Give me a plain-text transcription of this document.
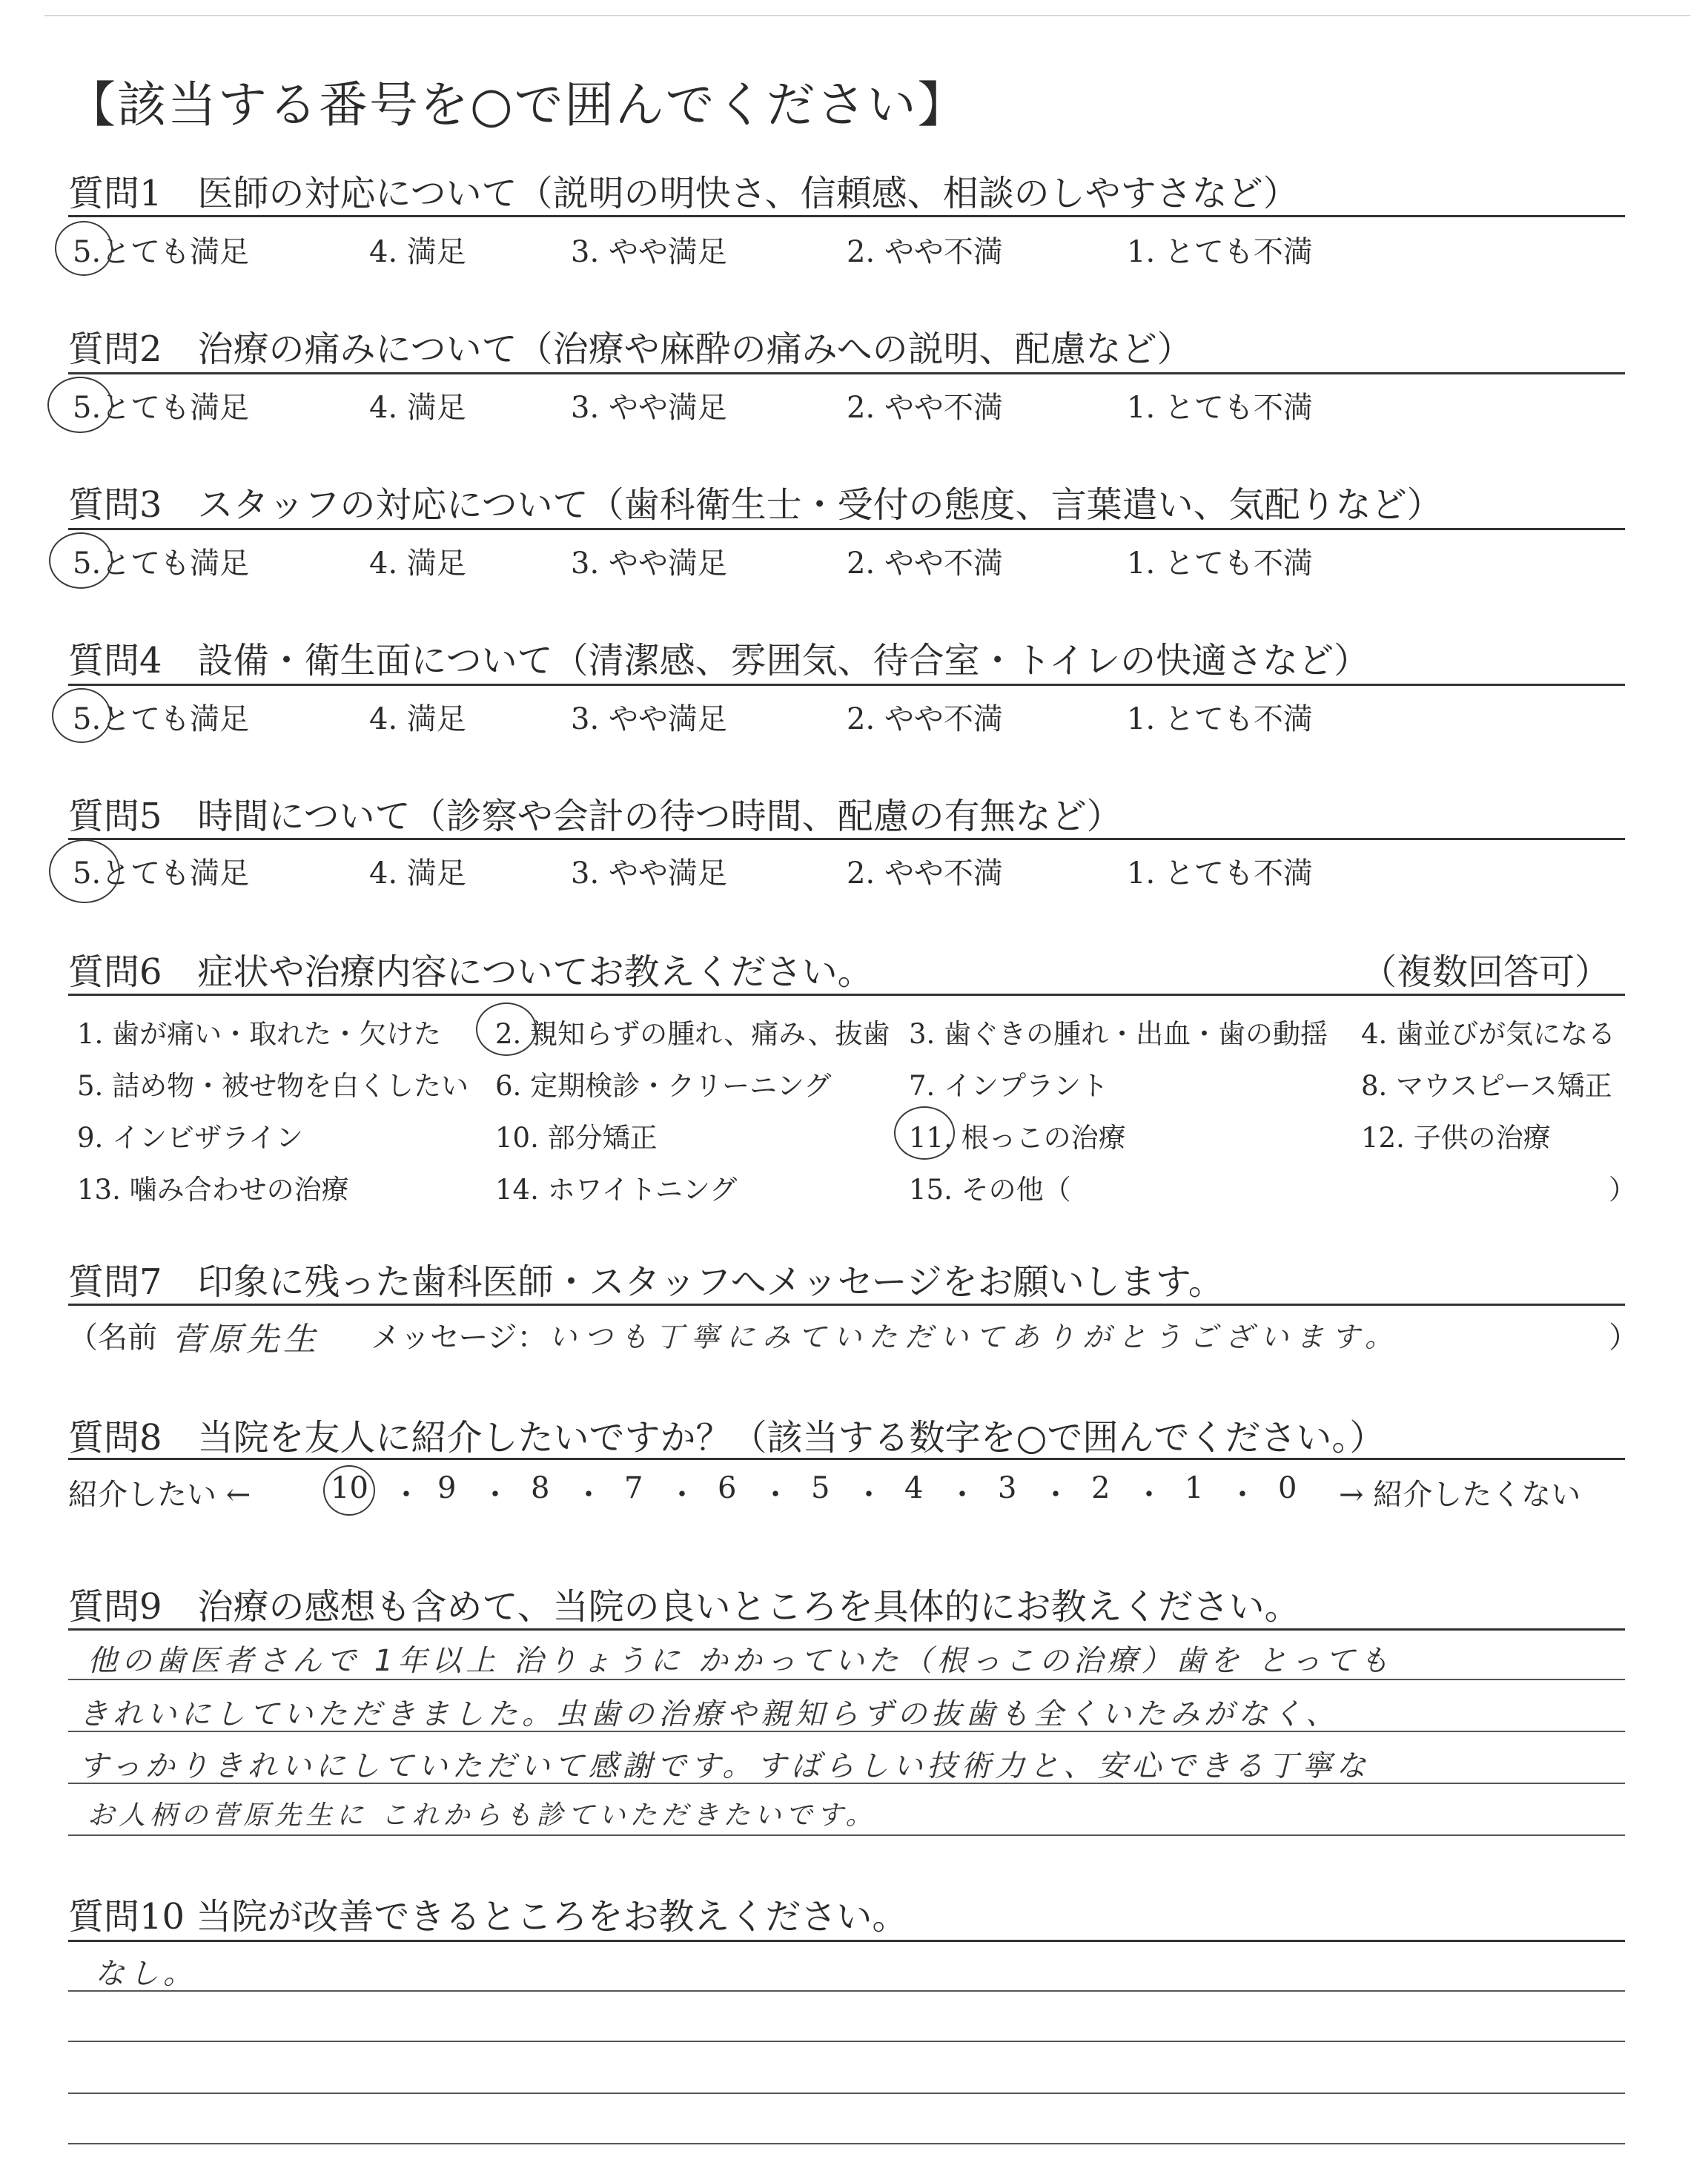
【該当する番号を○で囲んでください】
質問1　医師の対応について（説明の明快さ、信頼感、相談のしやすさなど）
5.とても満足	4. 満足	3. やや満足	2. やや不満	1. とても不満
質問2　治療の痛みについて（治療や麻酔の痛みへの説明、配慮など）
5.とても満足	4. 満足	3. やや満足	2. やや不満	1. とても不満
質問3　スタッフの対応について（歯科衛生士・受付の態度、言葉遣い、気配りなど）
5.とても満足	4. 満足	3. やや満足	2. やや不満	1. とても不満
質問4　設備・衛生面について（清潔感、雰囲気、待合室・トイレの快適さなど）
5.とても満足	4. 満足	3. やや満足	2. やや不満	1. とても不満
質問5　時間について（診察や会計の待つ時間、配慮の有無など）
5.とても満足	4. 満足	3. やや満足	2. やや不満	1. とても不満
質問6　症状や治療内容についてお教えください。	（複数回答可）
1. 歯が痛い・取れた・欠けた 2. 親知らずの腫れ、痛み、抜歯 3. 歯ぐきの腫れ・出血・歯の動揺 4. 歯並びが気になる
5. 詰め物・被せ物を白くしたい 6. 定期検診・クリーニング	7. インプラント	8. マウスピース矯正
9. インビザライン	10. 部分矯正	11. 根っこの治療	12. 子供の治療
13. 噛み合わせの治療	14. ホワイトニング	15. その他（	）
質問7　印象に残った歯科医師・スタッフへメッセージをお願いします。
（名前 菅原先生 メッセージ： いつも丁寧にみていただいてありがとうございます。	）
質問8　当院を友人に紹介したいですか？（該当する数字を○で囲んでください。）
紹介したい ←	10 ・ 9 ・ 8 ・ 7 ・ 6 ・ 5 ・ 4 ・ 3 ・ 2 ・ 1 ・ 0 → 紹介したくない
質問9　治療の感想も含めて、当院の良いところを具体的にお教えください。
他の歯医者さんで 1年以上 治りょうに かかっていた（根っこの治療）歯を とっても
きれいにしていただきました。虫歯の治療や親知らずの抜歯も全くいたみがなく、
すっかりきれいにしていただいて感謝です。すばらしい技術力と、安心できる丁寧な
お人柄の菅原先生に これからも診ていただきたいです。
質問10 当院が改善できるところをお教えください。
なし。
